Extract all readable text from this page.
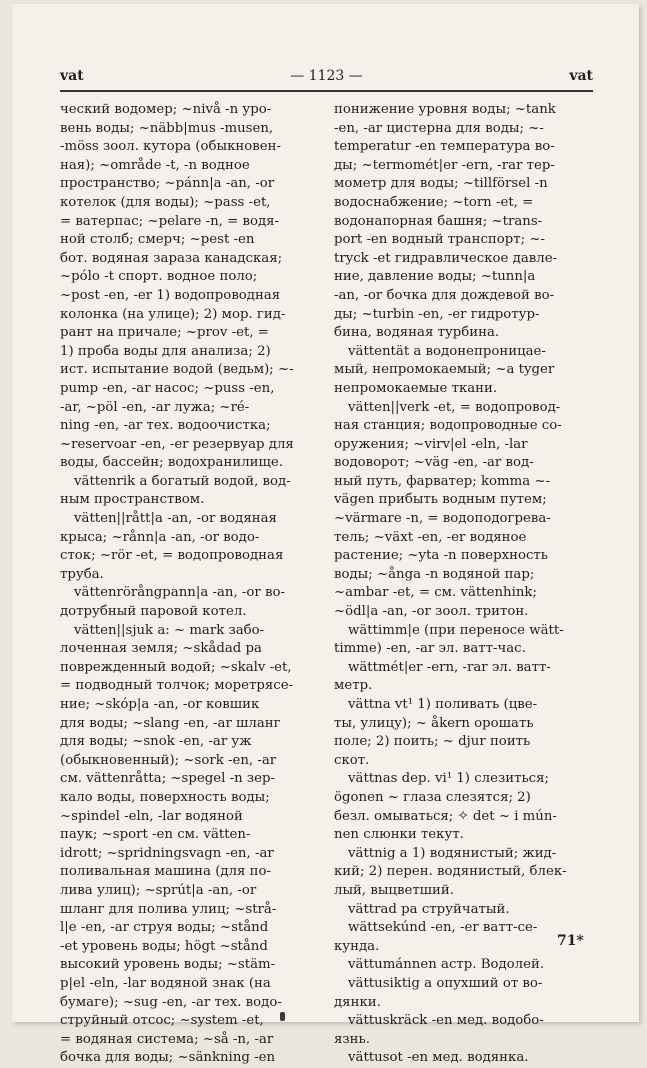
vat	— 1123 —	vat
ческий водомер; ~nivå -n уро-
вень воды; ~näbb|mus -musen,
-möss зоол. кутора (обыкновен-
ная); ~område -t, -n водное
пространство; ~pánn|a -an, -or
котелок (для воды); ~pass -et,
= ватерпас; ~pelare -n, = водя-
ной столб; смерч; ~pest -en
бот. водяная зараза канадская;
~pólo -t спорт. водное поло;
~post -en, -er 1) водопроводная
колонка (на улице); 2) мор. гид-
рант на причале; ~prov -et, =
1) проба воды для анализа; 2)
ист. испытание водой (ведьм); ~-
pump -en, -ar насос; ~puss -en,
-ar, ~pöl -en, -ar лужа; ~ré-
ning -en, -ar тех. водоочистка;
~reservoar -en, -er резервуар для
воды, бассейн; водохранилище.
vättenrik a богатый водой, вод-
ным пространством.
vätten||rått|a -an, -or водяная
крыса; ~rånn|a -an, -or водо-
сток; ~rör -et, = водопроводная
труба.
vättenrörångpann|a -an, -or во-
дотрубный паровой котел.
vätten||sjuk a: ~ mark забо-
лоченная земля; ~skådad pa
поврежденный водой; ~skalv -et,
= подводный толчок; моретрясе-
ние; ~skóp|a -an, -or ковшик
для воды; ~slang -en, -ar шланг
для воды; ~snok -en, -ar уж
(обыкновенный); ~sork -en, -ar
см. vättenråtta; ~spegel -n зер-
кало воды, поверхность воды;
~spindel -eln, -lar водяной
паук; ~sport -en см. vätten-
idrott; ~spridningsvagn -en, -ar
поливальная машина (для по-
лива улиц); ~sprút|a -an, -or
шланг для полива улиц; ~strå-
l|e -en, -ar струя воды; ~stånd
-et уровень воды; högt ~stånd
высокий уровень воды; ~stäm-
p|el -eln, -lar водяной знак (на
бумаге); ~sug -en, -ar тех. водо-
струйный отсос; ~system -et,
= водяная система; ~så -n, -ar
бочка для воды; ~sänkning -en
понижение уровня воды; ~tank
-en, -ar цистерна для воды; ~-
temperatur -en температура во-
ды; ~termomét|er -ern, -rar тер-
мометр для воды; ~tillförsel -n
водоснабжение; ~torn -et, =
водонапорная башня; ~trans-
port -en водный транспорт; ~-
tryck -et гидравлическое давле-
ние, давление воды; ~tunn|a
-an, -or бочка для дождевой во-
ды; ~turbin -en, -er гидротур-
бина, водяная турбина.
vättentät a водонепроницае-
мый, непромокаемый; ~a tyger
непромокаемые ткани.
vätten||verk -et, = водопровод-
ная станция; водопроводные со-
оружения; ~virv|el -eln, -lar
водоворот; ~väg -en, -ar вод-
ный путь, фарватер; komma ~-
vägen прибыть водным путем;
~värmare -n, = водоподогрева-
тель; ~växt -en, -er водяное
растение; ~yta -n поверхность
воды; ~ånga -n водяной пар;
~ambar -et, = см. vättenhink;
~ödl|a -an, -or зоол. тритон.
wättimm|e (при переносе wätt-
timme) -en, -ar эл. ватт-час.
wättmét|er -ern, -rar эл. ватт-
метр.
vättna vt¹ 1) поливать (цве-
ты, улицу); ~ åkern орошать
поле; 2) поить; ~ djur поить
скот.
vättnas dep. vi¹ 1) слезиться;
ögonen ~ глаза слезятся; 2)
безл. омываться; ✧ det ~ i mún-
nen слюнки текут.
vättnig a 1) водянистый; жид-
кий; 2) перен. водянистый, блек-
лый, выцветший.
vättrad pa струйчатый.
wättsekúnd -en, -er ватт-се-
кунда.
vättumánnen астр. Водолей.
vättusiktig a опухший от во-
дянки.
vättuskräck -en мед. водобо-
язнь.
vättusot -en мед. водянка.
71*
